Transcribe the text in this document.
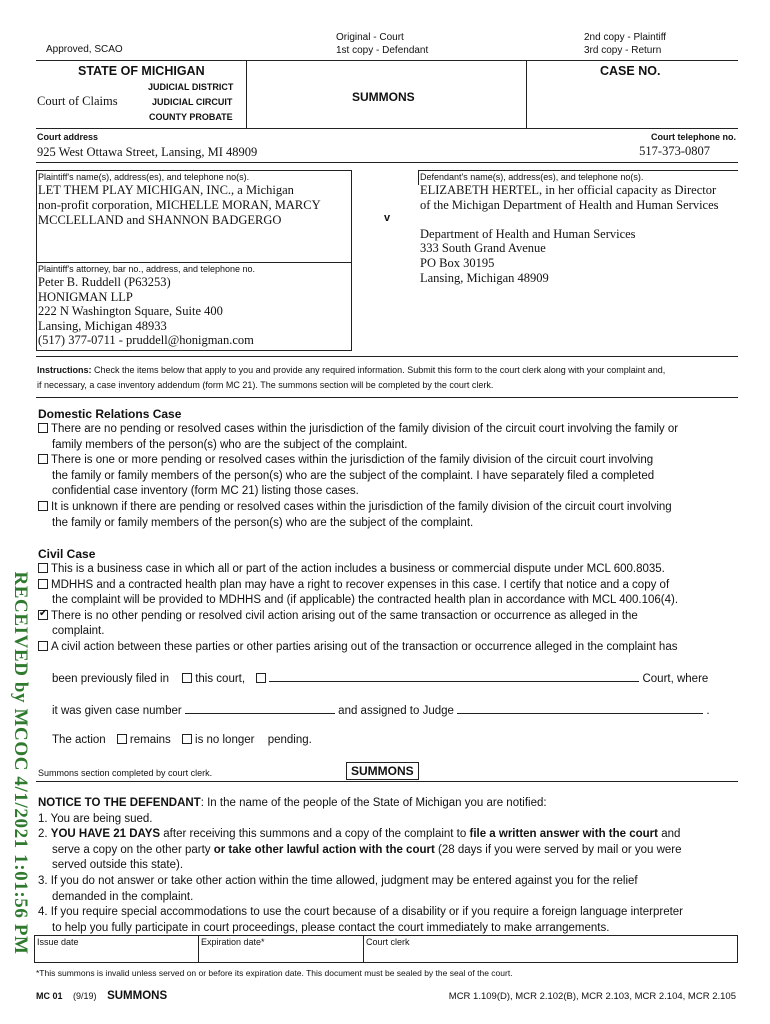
Approved, SCAO
Original - Court
1st copy - Defendant
2nd copy - Plaintiff
3rd copy - Return
STATE OF MICHIGAN
Court of Claims
JUDICIAL DISTRICT
JUDICIAL CIRCUIT
COUNTY PROBATE
SUMMONS
CASE NO.
Court address
925 West Ottawa Street, Lansing, MI 48909
Court telephone no.
517-373-0807
Plaintiff's name(s), address(es), and telephone no(s).
LET THEM PLAY MICHIGAN, INC., a Michigan
non-profit corporation, MICHELLE MORAN, MARCY
MCCLELLAND and SHANNON BADGERGO
Plaintiff's attorney, bar no., address, and telephone no.
Peter B. Ruddell (P63253)
HONIGMAN LLP
222 N Washington Square, Suite 400
Lansing, Michigan 48933
(517) 377-0711 - pruddell@honigman.com
v
Defendant's name(s), address(es), and telephone no(s).
ELIZABETH HERTEL, in her official capacity as Director
of the Michigan Department of Health and Human Services
Department of Health and Human Services
333 South Grand Avenue
PO Box 30195
Lansing, Michigan 48909
Instructions: Check the items below that apply to you and provide any required information. Submit this form to the court clerk along with your complaint and,
if necessary, a case inventory addendum (form MC 21). The summons section will be completed by the court clerk.
Domestic Relations Case
There are no pending or resolved cases within the jurisdiction of the family division of the circuit court involving the family or
family members of the person(s) who are the subject of the complaint.
There is one or more pending or resolved cases within the jurisdiction of the family division of the circuit court involving
the family or family members of the person(s) who are the subject of the complaint. I have separately filed a completed
confidential case inventory (form MC 21) listing those cases.
It is unknown if there are pending or resolved cases within the jurisdiction of the family division of the circuit court involving
the family or family members of the person(s) who are the subject of the complaint.
Civil Case
This is a business case in which all or part of the action includes a business or commercial dispute under MCL 600.8035.
MDHHS and a contracted health plan may have a right to recover expenses in this case. I certify that notice and a copy of
the complaint will be provided to MDHHS and (if applicable) the contracted health plan in accordance with MCL 400.106(4).
✔There is no other pending or resolved civil action arising out of the same transaction or occurrence as alleged in the
complaint.
A civil action between these parties or other parties arising out of the transaction or occurrence alleged in the complaint has
been previously filed in this court,	Court, where
it was given case number	and assigned to Judge	.
The action remains is no longer pending.
Summons section completed by court clerk.	SUMMONS
NOTICE TO THE DEFENDANT: In the name of the people of the State of Michigan you are notified:
1. You are being sued.
2. YOU HAVE 21 DAYS after receiving this summons and a copy of the complaint to file a written answer with the court and
serve a copy on the other party or take other lawful action with the court (28 days if you were served by mail or you were
served outside this state).
3. If you do not answer or take other action within the time allowed, judgment may be entered against you for the relief
demanded in the complaint.
4. If you require special accommodations to use the court because of a disability or if you require a foreign language interpreter
to help you fully participate in court proceedings, please contact the court immediately to make arrangements.
Issue date	Expiration date*	Court clerk
*This summons is invalid unless served on or before its expiration date. This document must be sealed by the seal of the court.
MC 01 (9/19) SUMMONS	MCR 1.109(D), MCR 2.102(B), MCR 2.103, MCR 2.104, MCR 2.105
RECEIVED by MCOC 4/1/2021 1:01:56 PM
